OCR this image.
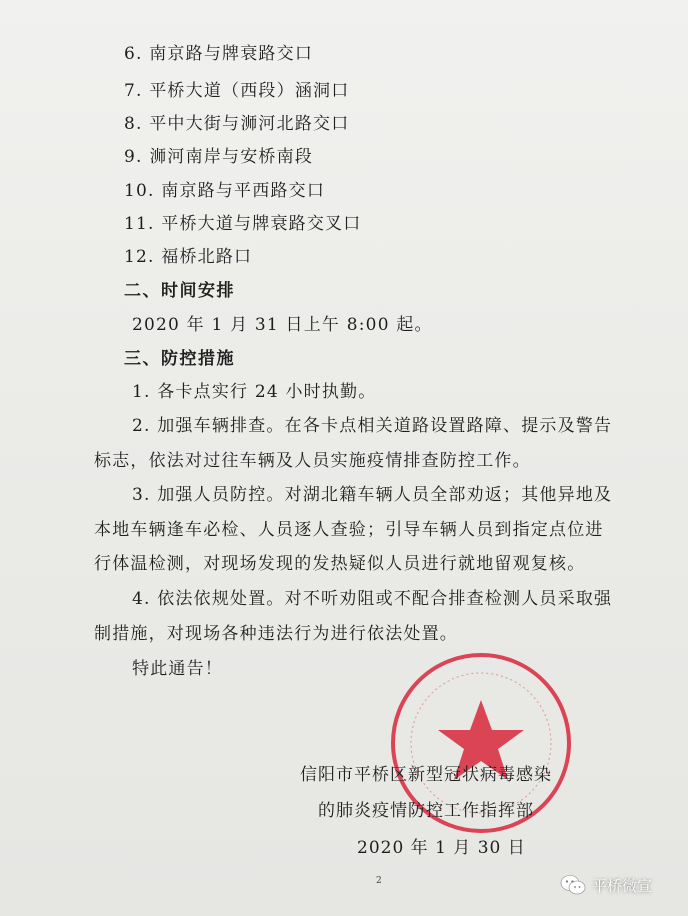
6. 南京路与牌衰路交口
7. 平桥大道（西段）涵洞口
8. 平中大街与浉河北路交口
9. 浉河南岸与安桥南段
10. 南京路与平西路交口
11. 平桥大道与牌衰路交叉口
12. 福桥北路口
二、时间安排
2020 年 1 月 31 日上午 8:00 起。
三、防控措施
1. 各卡点实行 24 小时执勤。
2. 加强车辆排查。在各卡点相关道路设置路障、提示及警告
标志，依法对过往车辆及人员实施疫情排查防控工作。
3. 加强人员防控。对湖北籍车辆人员全部劝返；其他异地及
本地车辆逢车必检、人员逐人查验；引导车辆人员到指定点位进
行体温检测，对现场发现的发热疑似人员进行就地留观复核。
4. 依法依规处置。对不听劝阻或不配合排查检测人员采取强
制措施，对现场各种违法行为进行依法处置。
特此通告！
信阳市平桥区新型冠状病毒感染
的肺炎疫情防控工作指挥部
2020 年 1 月 30 日
2	平桥微宣
